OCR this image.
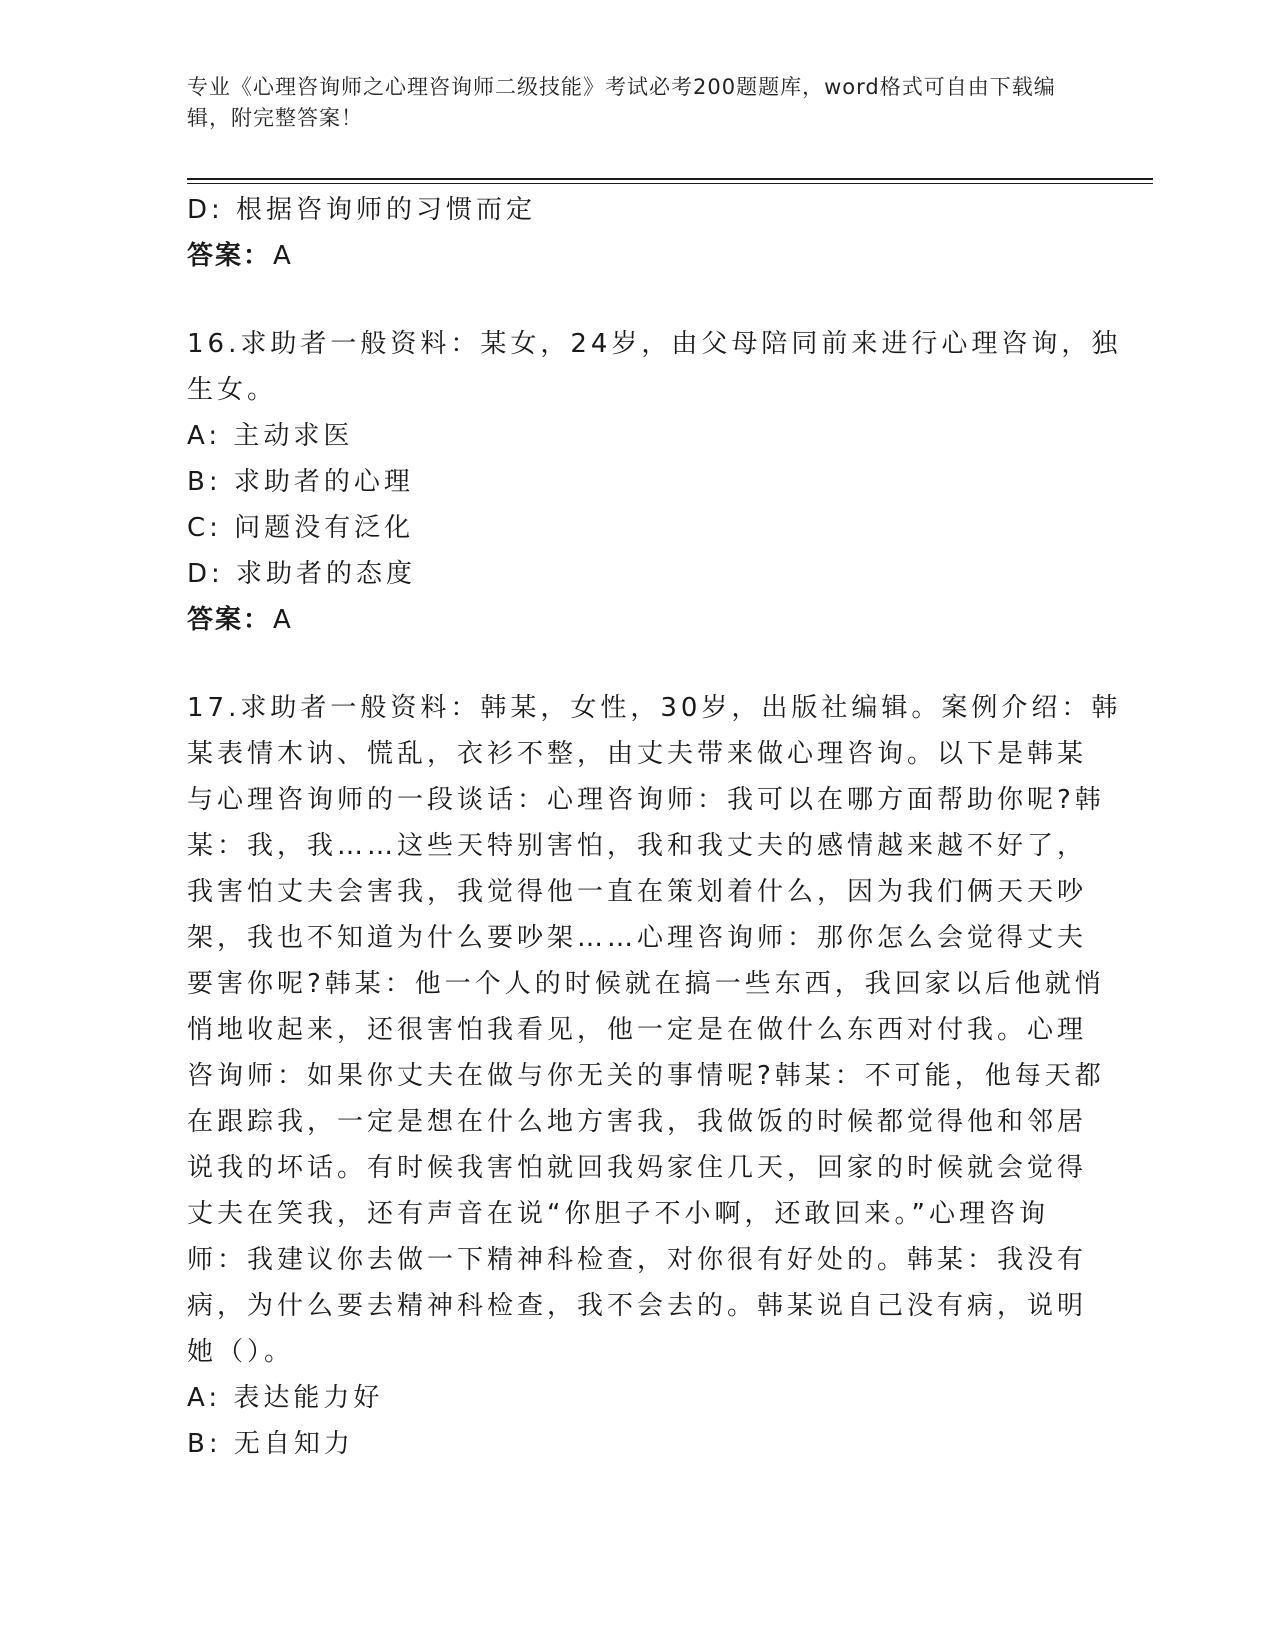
专业《心理咨询师之心理咨询师二级技能》考试必考200题题库，word格式可自由下载编辑，附完整答案！
D: 根据咨询师的习惯而定
答案：A
16.求助者一般资料：某女，24岁，由父母陪同前来进行心理咨询，独
生女。
A: 主动求医
B: 求助者的心理
C: 问题没有泛化
D: 求助者的态度
答案：A
17.求助者一般资料：韩某，女性，30岁，出版社编辑。案例介绍：韩
某表情木讷、慌乱，衣衫不整，由丈夫带来做心理咨询。以下是韩某
与心理咨询师的一段谈话：心理咨询师：我可以在哪方面帮助你呢?韩
某：我，我……这些天特别害怕，我和我丈夫的感情越来越不好了，
我害怕丈夫会害我，我觉得他一直在策划着什么，因为我们俩天天吵
架，我也不知道为什么要吵架……心理咨询师：那你怎么会觉得丈夫
要害你呢?韩某：他一个人的时候就在搞一些东西，我回家以后他就悄
悄地收起来，还很害怕我看见，他一定是在做什么东西对付我。心理
咨询师：如果你丈夫在做与你无关的事情呢?韩某：不可能，他每天都
在跟踪我，一定是想在什么地方害我，我做饭的时候都觉得他和邻居
说我的坏话。有时候我害怕就回我妈家住几天，回家的时候就会觉得
丈夫在笑我，还有声音在说“你胆子不小啊，还敢回来。”心理咨询
师：我建议你去做一下精神科检查，对你很有好处的。韩某：我没有
病，为什么要去精神科检查，我不会去的。韩某说自己没有病，说明
她（）。
A: 表达能力好
B: 无自知力
